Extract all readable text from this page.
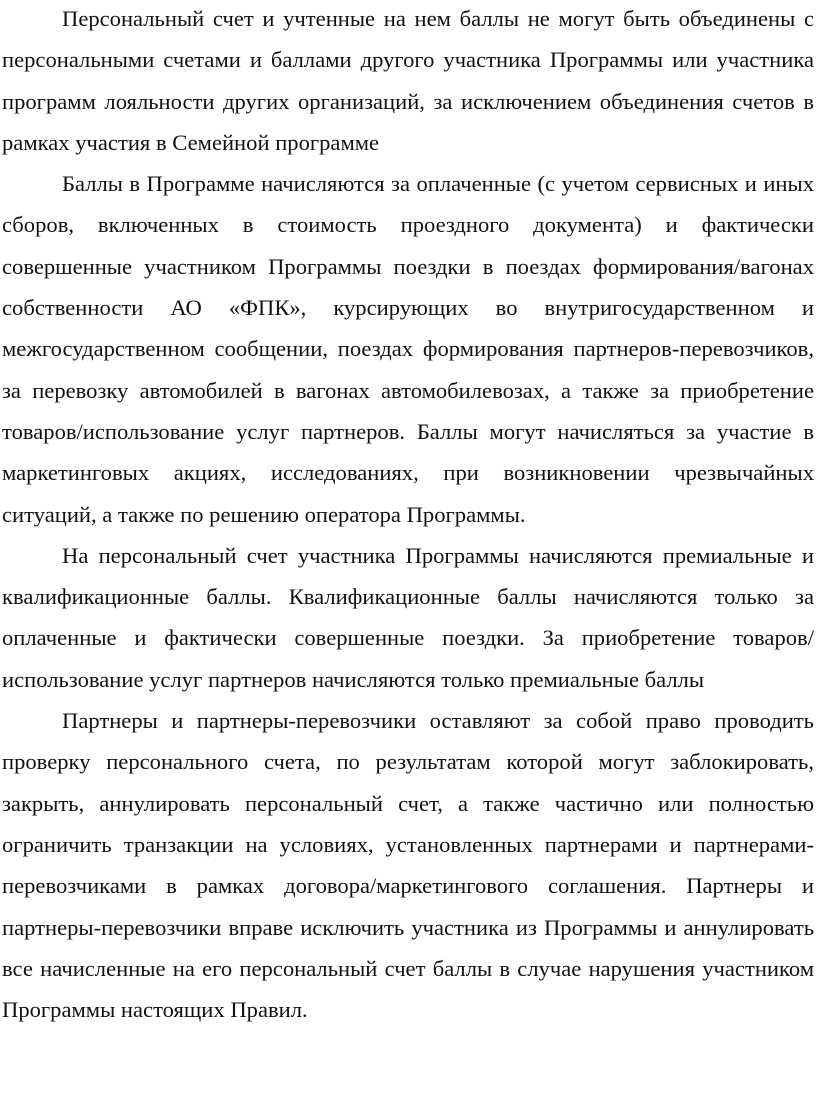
Персональный счет и учтенные на нем баллы не могут быть объединены с персональными счетами и баллами другого участника Программы или участника программ лояльности других организаций, за исключением объединения счетов в рамках участия в Семейной программе

Баллы в Программе начисляются за оплаченные (с учетом сервисных и иных сборов, включенных в стоимость проездного документа) и фактически совершенные участником Программы поездки в поездах формирования/вагонах собственности АО «ФПК», курсирующих во внутригосударственном и межгосударственном сообщении, поездах формирования партнеров-перевозчиков, за перевозку автомобилей в вагонах автомобилевозах, а также за приобретение товаров/использование услуг партнеров. Баллы могут начисляться за участие в маркетинговых акциях, исследованиях, при возникновении чрезвычайных ситуаций, а также по решению оператора Программы.

На персональный счет участника Программы начисляются премиальные и квалификационные баллы. Квалификационные баллы начисляются только за оплаченные и фактически совершенные поездки. За приобретение товаров/использование услуг партнеров начисляются только премиальные баллы

Партнеры и партнеры-перевозчики оставляют за собой право проводить проверку персонального счета, по результатам которой могут заблокировать, закрыть, аннулировать персональный счет, а также частично или полностью ограничить транзакции на условиях, установленных партнерами и партнерами-перевозчиками в рамках договора/маркетингового соглашения. Партнеры и партнеры-перевозчики вправе исключить участника из Программы и аннулировать все начисленные на его персональный счет баллы в случае нарушения участником Программы настоящих Правил.
